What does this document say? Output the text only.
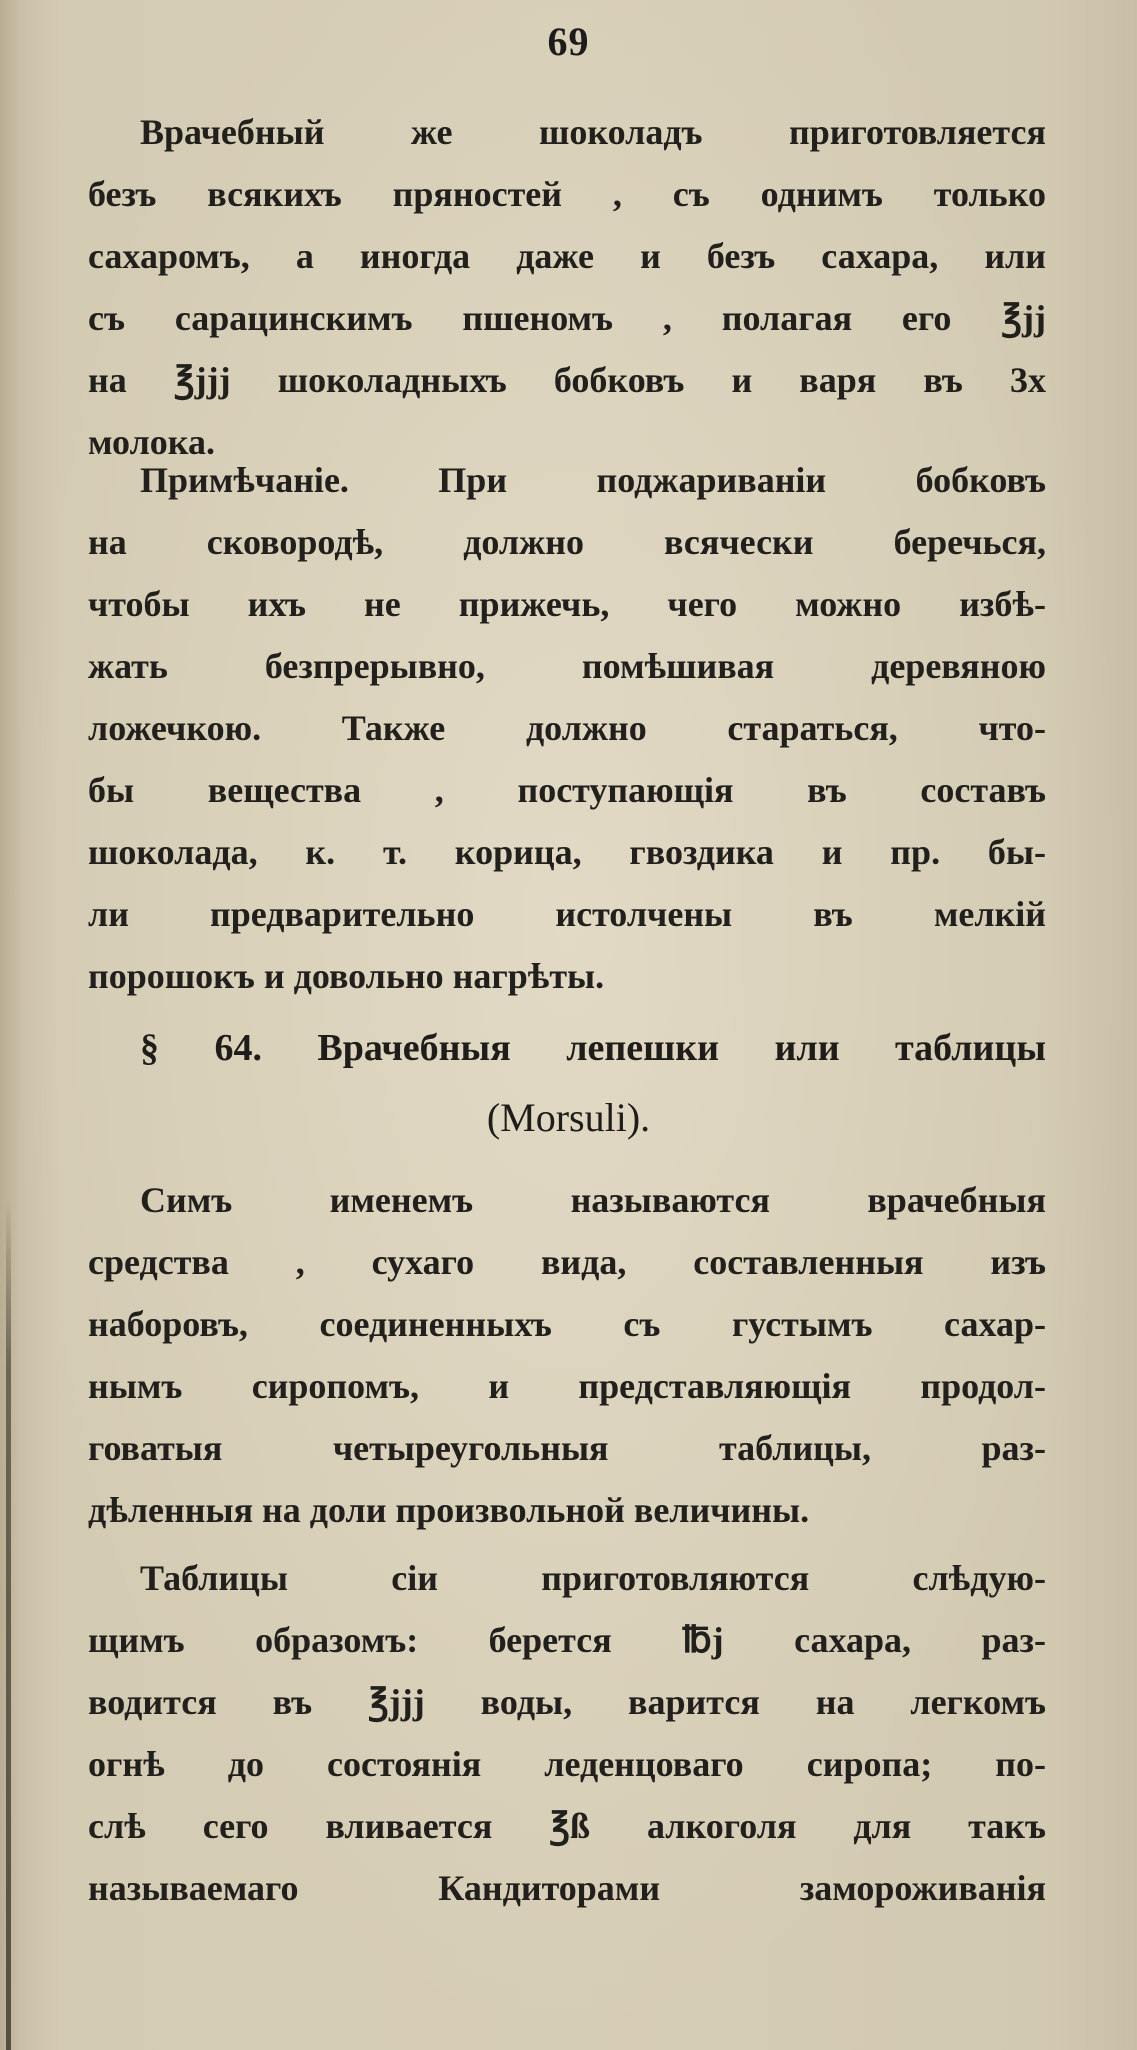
69
Врачебный же шоколадъ приготовляется
безъ всякихъ пряностей , съ однимъ только
сахаромъ, а иногда даже и безъ сахара, или
съ сарацинскимъ пшеномъ , полагая его ℥jj
на ℥jjj шоколадныхъ бобковъ и варя въ 3х
молока.
Примѣчаніе. При поджариваніи бобковъ
на сковородѣ, должно всячески беречься,
чтобы ихъ не прижечь, чего можно избѣ-
жать безпрерывно, помѣшивая деревяною
ложечкою. Также должно стараться, что-
бы вещества , поступающія въ составъ
шоколада, к. т. корица, гвоздика и пр. бы-
ли предварительно истолчены въ мелкій
порошокъ и довольно нагрѣты.
§ 64. Врачебныя лепешки или таблицы
(Morsuli).
Симъ именемъ называются врачебныя
средства , сухаго вида, составленныя изъ
наборовъ, соединенныхъ съ густымъ сахар-
нымъ сиропомъ, и представляющія продол-
говатыя четыреугольныя таблицы, раз-
дѣленныя на доли произвольной величины.
Таблицы сіи приготовляются слѣдую-
щимъ образомъ: берется ℔j сахара, раз-
водится въ ℥jjj воды, варится на легкомъ
огнѣ до состоянія леденцоваго сиропа; по-
слѣ сего вливается ℥ß алкоголя для такъ
называемаго Кандиторами замороживанія
